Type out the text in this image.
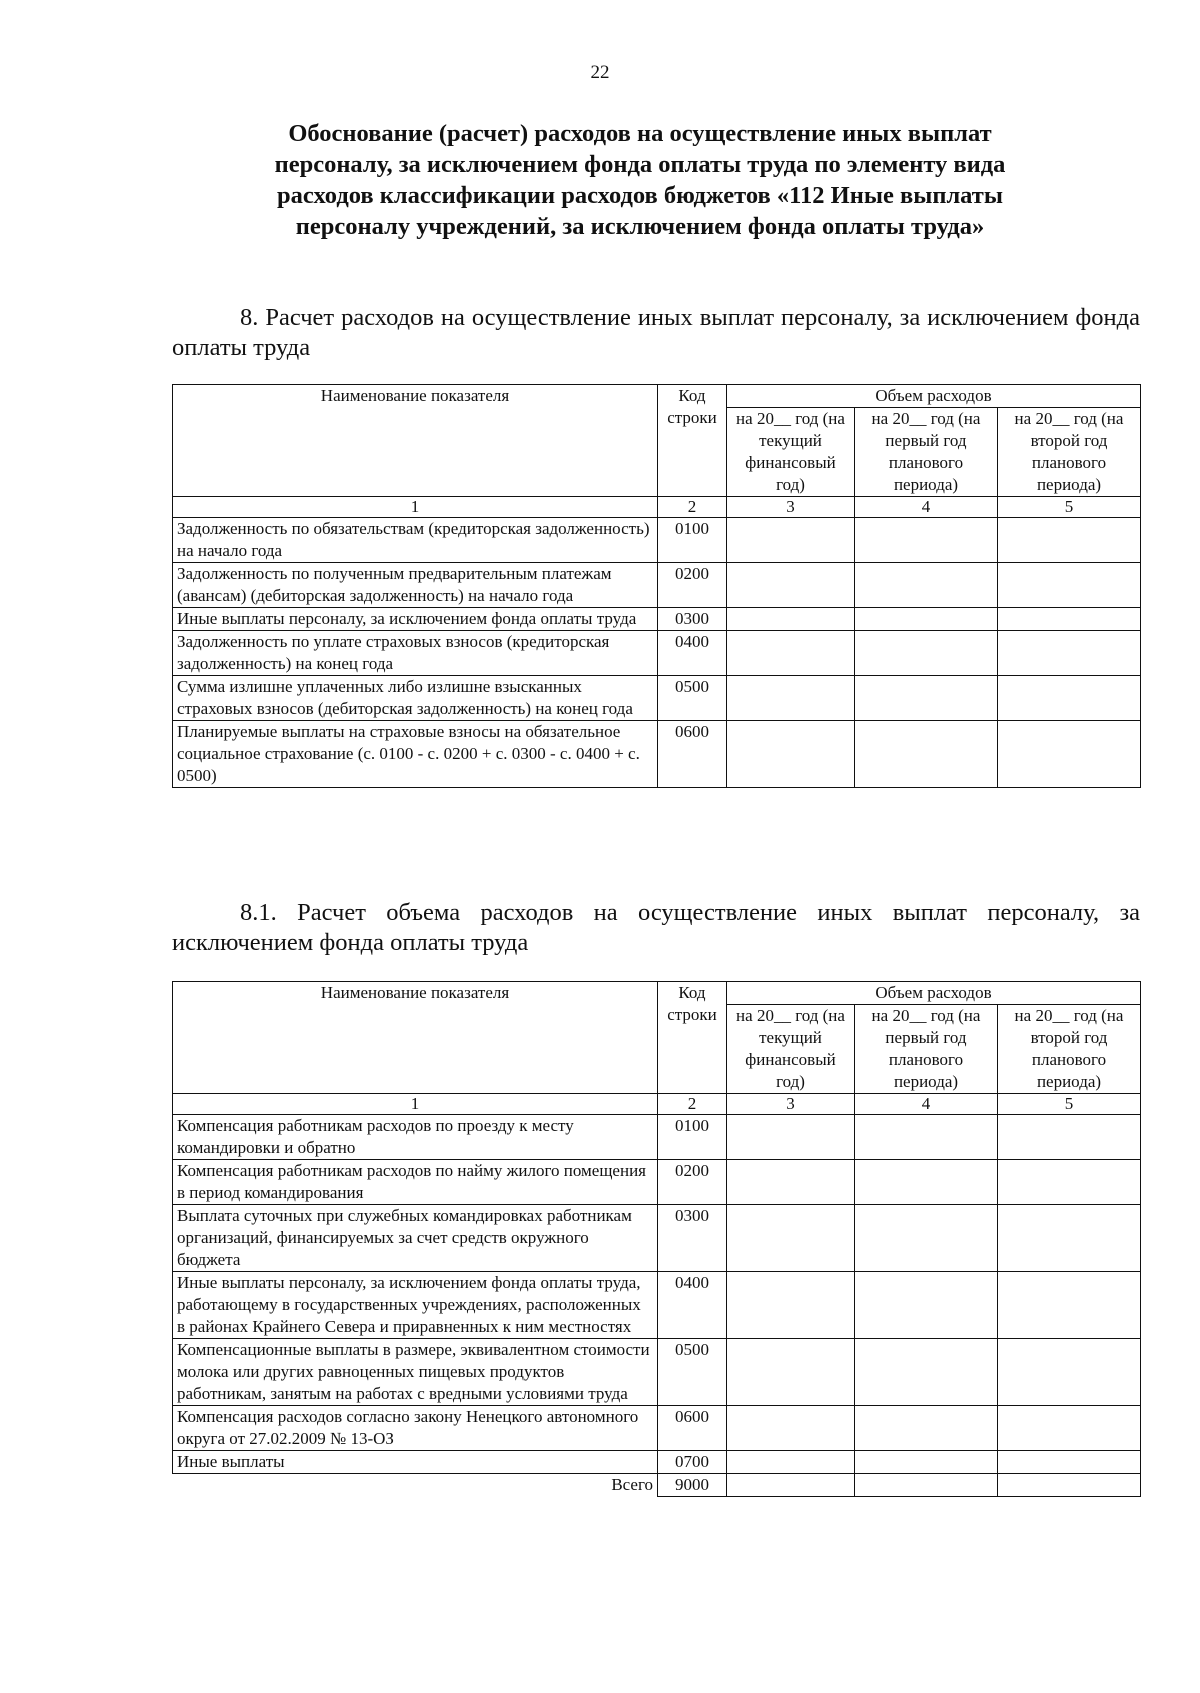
22
Обоснование (расчет) расходов на осуществление иных выплат персоналу, за исключением фонда оплаты труда по элементу вида расходов классификации расходов бюджетов «112 Иные выплаты персоналу учреждений, за исключением фонда оплаты труда»
8. Расчет расходов на осуществление иных выплат персоналу, за исключением фонда оплаты труда
Наименование показателя	Код строки	Объем расходов		
		на 20__ год (на текущий финансовый год)	на 20__ год (на первый год планового периода)	на 20__ год (на второй год планового периода)
1	2	3	4	5
Задолженность по обязательствам (кредиторская задолженность) на начало года	0100			
Задолженность по полученным предварительным платежам (авансам) (дебиторская задолженность) на начало года	0200			
Иные выплаты персоналу, за исключением фонда оплаты труда	0300			
Задолженность по уплате страховых взносов (кредиторская задолженность) на конец года	0400			
Сумма излишне уплаченных либо излишне взысканных страховых взносов (дебиторская задолженность) на конец года	0500			
Планируемые выплаты на страховые взносы на обязательное социальное страхование (с. 0100 - с. 0200 + с. 0300 - с. 0400 + с. 0500)	0600			
8.1. Расчет объема расходов на осуществление иных выплат персоналу, за исключением фонда оплаты труда
Наименование показателя	Код строки	Объем расходов		
		на 20__ год (на текущий финансовый год)	на 20__ год (на первый год планового периода)	на 20__ год (на второй год планового периода)
1	2	3	4	5
Компенсация работникам расходов по проезду к месту командировки и обратно	0100			
Компенсация работникам расходов по найму жилого помещения в период командирования	0200			
Выплата суточных при служебных командировках работникам организаций, финансируемых за счет средств окружного бюджета	0300			
Иные выплаты персоналу, за исключением фонда оплаты труда, работающему в государственных учреждениях, расположенных в районах Крайнего Севера и приравненных к ним местностях	0400			
Компенсационные выплаты в размере, эквивалентном стоимости молока или других равноценных пищевых продуктов работникам, занятым на работах с вредными условиями труда	0500			
Компенсация расходов согласно закону Ненецкого автономного округа от 27.02.2009 № 13-ОЗ	0600			
Иные выплаты	0700			
Всего	9000			
